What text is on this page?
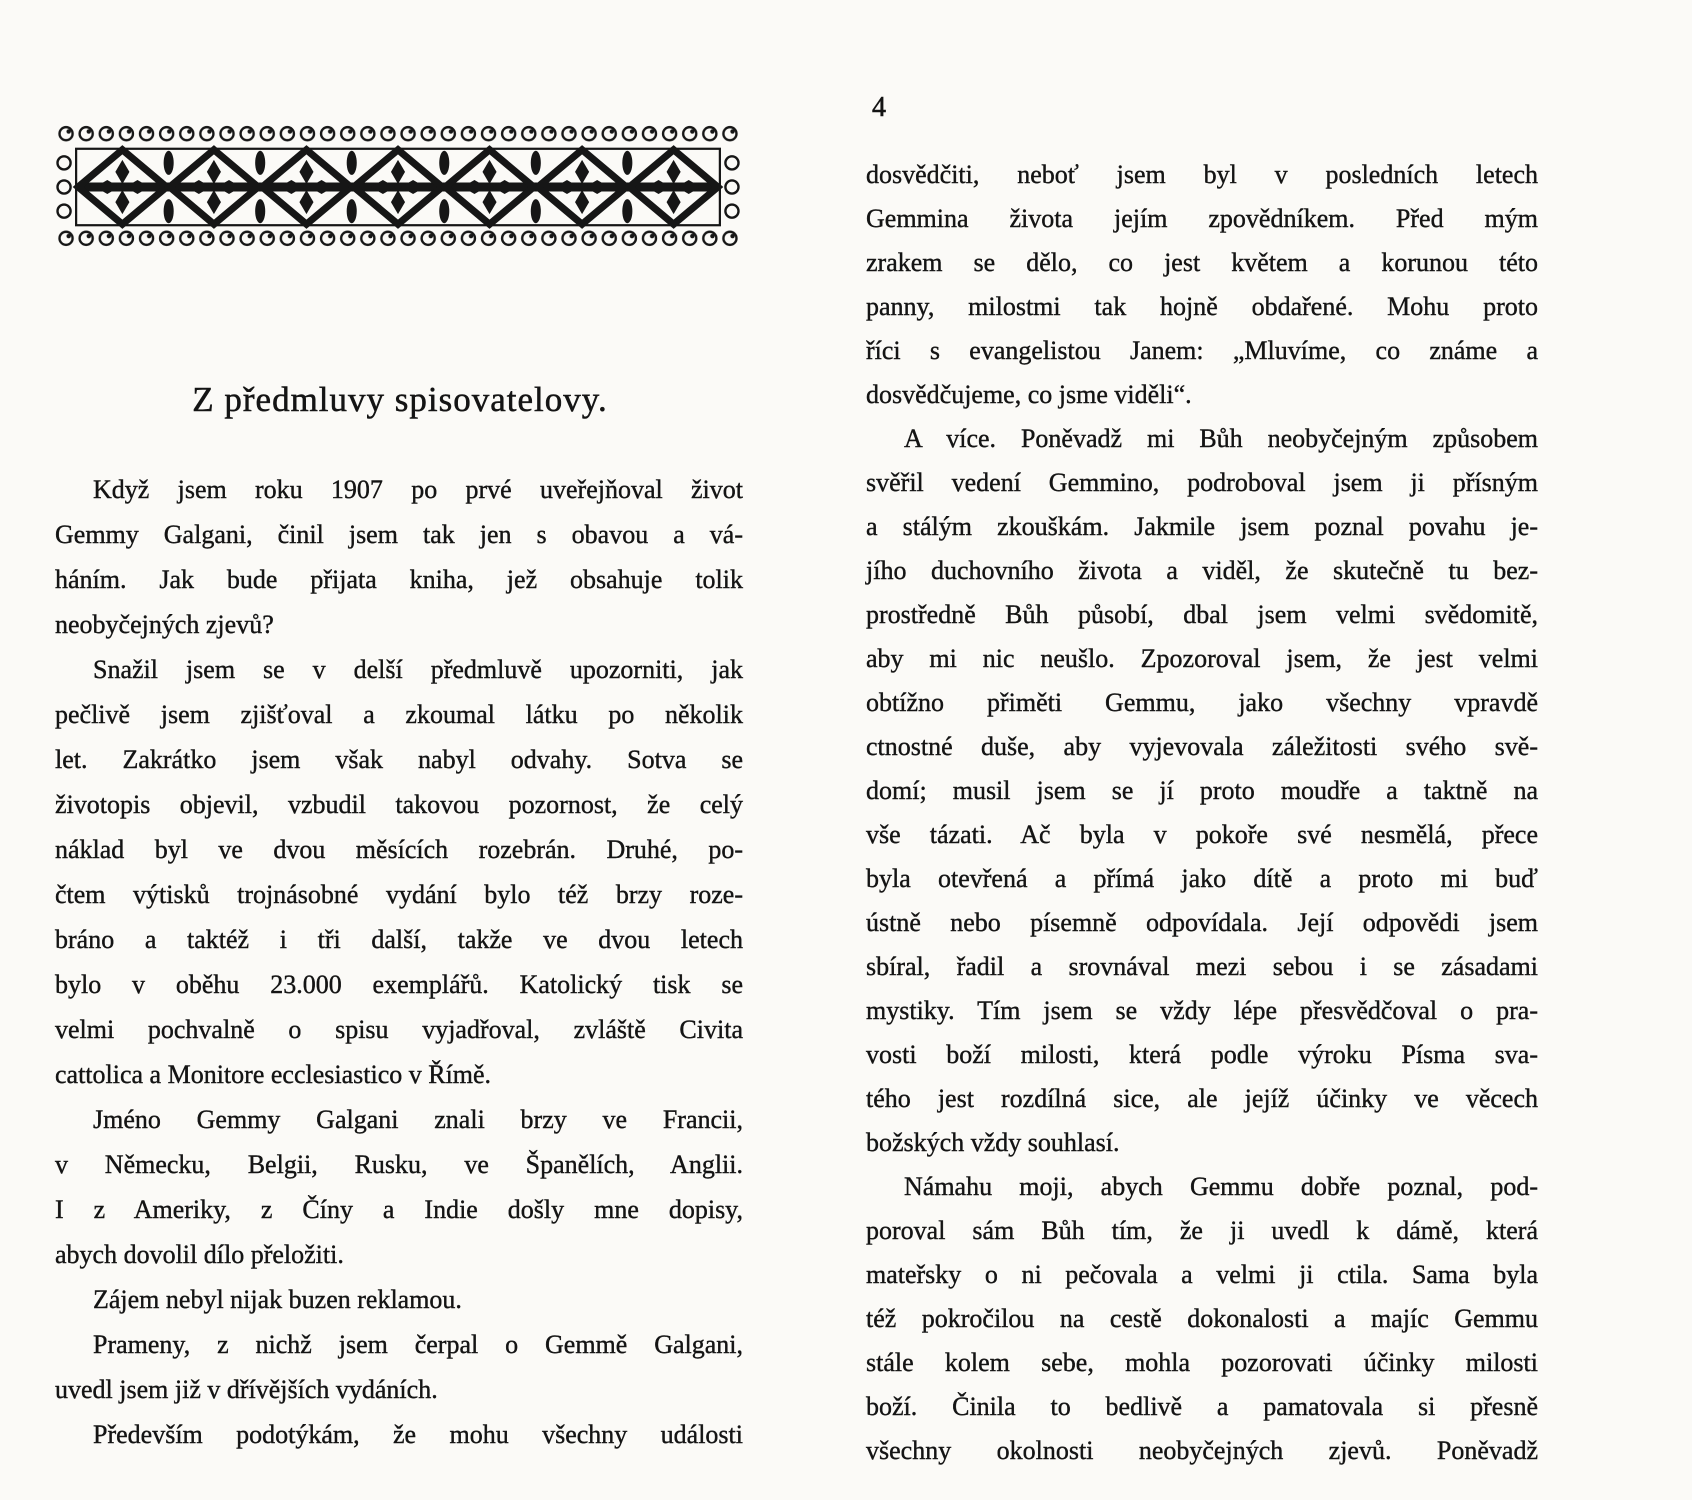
Z předmluvy spisovatelovy.
Když jsem roku 1907 po prvé uveřejňoval život
Gemmy Galgani, činil jsem tak jen s obavou a vá-
háním. Jak bude přijata kniha, jež obsahuje tolik
neobyčejných zjevů?
Snažil jsem se v delší předmluvě upozorniti, jak
pečlivě jsem zjišťoval a zkoumal látku po několik
let. Zakrátko jsem však nabyl odvahy. Sotva se
životopis objevil, vzbudil takovou pozornost, že celý
náklad byl ve dvou měsících rozebrán. Druhé, po-
čtem výtisků trojnásobné vydání bylo též brzy roze-
bráno a taktéž i tři další, takže ve dvou letech
bylo v oběhu 23.000 exemplářů. Katolický tisk se
velmi pochvalně o spisu vyjadřoval, zvláště Civita
cattolica a Monitore ecclesiastico v Římě.
Jméno Gemmy Galgani znali brzy ve Francii,
v Německu, Belgii, Rusku, ve Španělích, Anglii.
I z Ameriky, z Číny a Indie došly mne dopisy,
abych dovolil dílo přeložiti.
Zájem nebyl nijak buzen reklamou.
Prameny, z nichž jsem čerpal o Gemmě Galgani,
uvedl jsem již v dřívějších vydáních.
Především podotýkám, že mohu všechny události
4
dosvědčiti, neboť jsem byl v posledních letech
Gemmina života jejím zpovědníkem. Před mým
zrakem se dělo, co jest květem a korunou této
panny, milostmi tak hojně obdařené. Mohu proto
říci s evangelistou Janem: „Mluvíme, co známe a
dosvědčujeme, co jsme viděli“.
A více. Poněvadž mi Bůh neobyčejným způsobem
svěřil vedení Gemmino, podroboval jsem ji přísným
a stálým zkouškám. Jakmile jsem poznal povahu je-
jího duchovního života a viděl, že skutečně tu bez-
prostředně Bůh působí, dbal jsem velmi svědomitě,
aby mi nic neušlo. Zpozoroval jsem, že jest velmi
obtížno přiměti Gemmu, jako všechny vpravdě
ctnostné duše, aby vyjevovala záležitosti svého svě-
domí; musil jsem se jí proto moudře a taktně na
vše tázati. Ač byla v pokoře své nesmělá, přece
byla otevřená a přímá jako dítě a proto mi buď
ústně nebo písemně odpovídala. Její odpovědi jsem
sbíral, řadil a srovnával mezi sebou i se zásadami
mystiky. Tím jsem se vždy lépe přesvědčoval o pra-
vosti boží milosti, která podle výroku Písma sva-
tého jest rozdílná sice, ale jejíž účinky ve věcech
božských vždy souhlasí.
Námahu moji, abych Gemmu dobře poznal, pod-
poroval sám Bůh tím, že ji uvedl k dámě, která
mateřsky o ni pečovala a velmi ji ctila. Sama byla
též pokročilou na cestě dokonalosti a majíc Gemmu
stále kolem sebe, mohla pozorovati účinky milosti
boží. Činila to bedlivě a pamatovala si přesně
všechny okolnosti neobyčejných zjevů. Poněvadž
